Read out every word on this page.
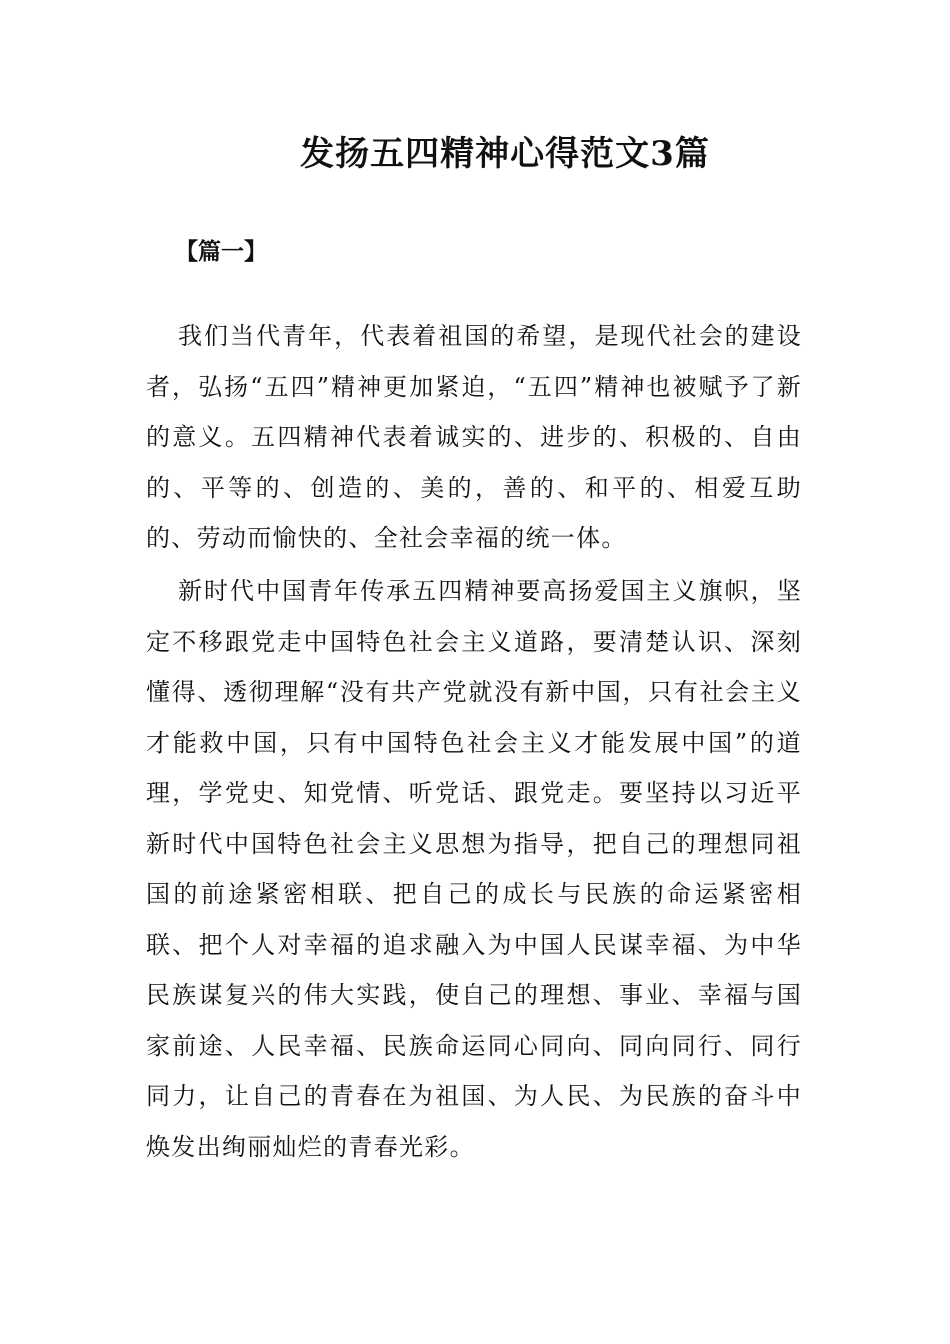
发扬五四精神心得范文3篇

【篇一】

我们当代青年，代表着祖国的希望，是现代社会的建设者，弘扬“五四”精神更加紧迫，“五四”精神也被赋予了新的意义。五四精神代表着诚实的、进步的、积极的、自由的、平等的、创造的、美的，善的、和平的、相爱互助的、劳动而愉快的、全社会幸福的统一体。

新时代中国青年传承五四精神要高扬爱国主义旗帜，坚定不移跟党走中国特色社会主义道路，要清楚认识、深刻懂得、透彻理解“没有共产党就没有新中国，只有社会主义才能救中国，只有中国特色社会主义才能发展中国”的道理，学党史、知党情、听党话、跟党走。要坚持以习近平新时代中国特色社会主义思想为指导，把自己的理想同祖国的前途紧密相联、把自己的成长与民族的命运紧密相联、把个人对幸福的追求融入为中国人民谋幸福、为中华民族谋复兴的伟大实践，使自己的理想、事业、幸福与国家前途、人民幸福、民族命运同心同向、同向同行、同行同力，让自己的青春在为祖国、为人民、为民族的奋斗中焕发出绚丽灿烂的青春光彩。
